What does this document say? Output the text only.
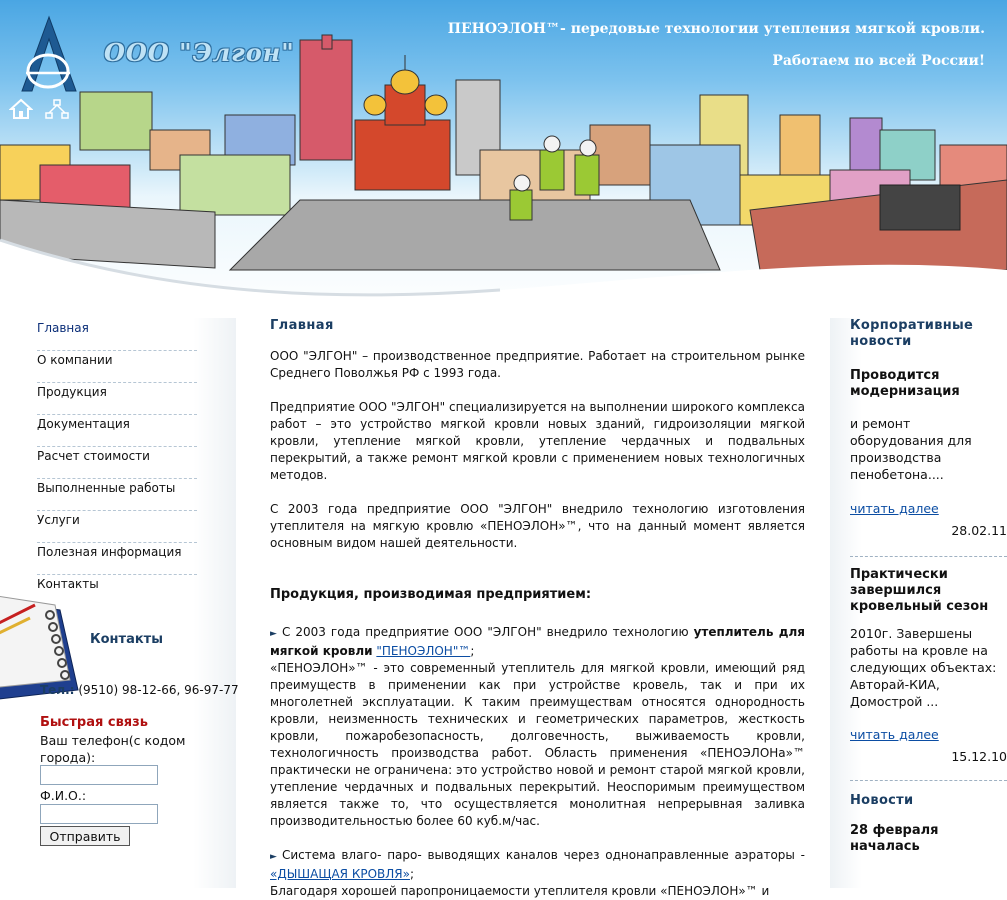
ООО "Элгон"
ПЕНОЭЛОН™- передовые технологии утепления мягкой кровли.
Работаем по всей России!
Главная
О компании
Продукция
Документация
Расчет стоимости
Выполненные работы
Услуги
Полезная информация
Контакты
Контакты
Тел.: (9510) 98-12-66, 96-97-77
Быстрая связь
Ваш телефон(с кодом города):
Ф.И.О.:
Отправить
Главная

ООО "ЭЛГОН" – производственное предприятие. Работает на строительном рынке Среднего Поволжья РФ с 1993 года.

Предприятие ООО "ЭЛГОН" специализируется на выполнении широкого комплекса работ – это устройство мягкой кровли новых зданий, гидроизоляции мягкой кровли, утепление мягкой кровли, утепление чердачных и подвальных перекрытий, а также ремонт мягкой кровли с применением новых технологичных методов.

С 2003 года предприятие ООО "ЭЛГОН" внедрило технологию изготовления утеплителя на мягкую кровлю «ПЕНОЭЛОН»™, что на данный момент является основным видом нашей деятельности.

Продукция, производимая предприятием:

► С 2003 года предприятие ООО "ЭЛГОН" внедрило технологию утеплитель для мягкой кровли "ПЕНОЭЛОН"™;
«ПЕНОЭЛОН»™ - это современный утеплитель для мягкой кровли, имеющий ряд преимуществ в применении как при устройстве кровель, так и при их многолетней эксплуатации. К таким преимуществам относятся однородность кровли, неизменность технических и геометрических параметров, жесткость кровли, пожаробезопасность, долговечность, выживаемость кровли, технологичность производства работ. Область применения «ПЕНОЭЛОНа»™ практически не ограничена: это устройство новой и ремонт старой мягкой кровли, утепление чердачных и подвальных перекрытий. Неоспоримым преимуществом является также то, что осуществляется монолитная непрерывная заливка производительностью более 60 куб.м/час.

► Система влаго- паро- выводящих каналов через однонаправленные аэраторы - «ДЫШАЩАЯ КРОВЛЯ»;
Благодаря хорошей паропроницаемости утеплителя кровли «ПЕНОЭЛОН»™ и

Корпоративные новости

Проводится модернизация

и ремонт оборудования для производства пенобетона....

читать далее
28.02.11

Практически завершился кровельный сезон

2010г. Завершены работы на кровле на следующих объектах: Авторай-КИА, Домострой ...

читать далее
15.12.10

Новости

28 февраля началась
